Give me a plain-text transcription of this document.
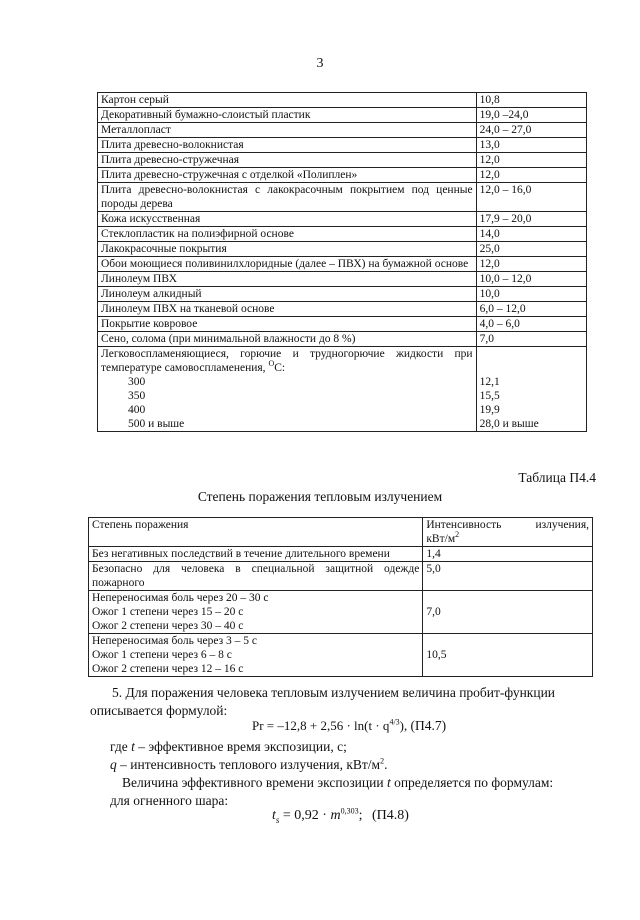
3
Картон серый	10,8
Декоративный бумажно-слоистый пластик	19,0 –24,0
Металлопласт	24,0 – 27,0
Плита древесно-волокнистая	13,0
Плита древесно-стружечная	12,0
Плита древесно-стружечная с отделкой «Полиплен»	12,0
Плита древесно-волокнистая с лакокрасочным покрытием под ценные породы дерева	12,0 – 16,0
Кожа искусственная	17,9 – 20,0
Стеклопластик на полиэфирной основе	14,0
Лакокрасочные покрытия	25,0
Обои моющиеся поливинилхлоридные (далее – ПВХ) на бумажной основе	12,0
Линолеум ПВХ	10,0 – 12,0
Линолеум алкидный	10,0
Линолеум ПВХ на тканевой основе	6,0 – 12,0
Покрытие ковровое	4,0 – 6,0
Сено, солома (при минимальной влажности до 8 %)	7,0
Легковоспламеняющиеся, горючие и трудногорючие жидкости при температуре самовоспламенения, $^О$С:	
300	12,1
350	15,5
400	19,9
500 и выше	28,0 и выше
Таблица П4.4
Степень поражения тепловым излучением
Степень поражения	Интенсивность излучения,
кВт/$м^2$

Без негативных последствий в течение длительного времени	1,4

Безопасно для человека в специальной защитной одежде пожарного	5,0

Непереносимая боль через 20 – 30 с
Ожог 1 степени через 15 – 20 с
Ожог 2 степени через 30 – 40 с	7,0

Непереносимая боль через 3 – 5 с
Ожог 1 степени через 6 – 8 с
Ожог 2 степени через 12 – 16 с	10,5
5. Для поражения человека тепловым излучением величина пробит-функции
описывается формулой:
$Pr = -12,8 + 2,56 \cdot \ln(t \cdot q^{4/3})$, (П4.7)
где t – эффективное время экспозиции, с;
q – интенсивность теплового излучения, кВт/$м^2$.
Величина эффективного времени экспозиции t определяется по формулам:
для огненного шара:
$t_s = 0,92 \cdot m^{0,303}$; (П4.8)
